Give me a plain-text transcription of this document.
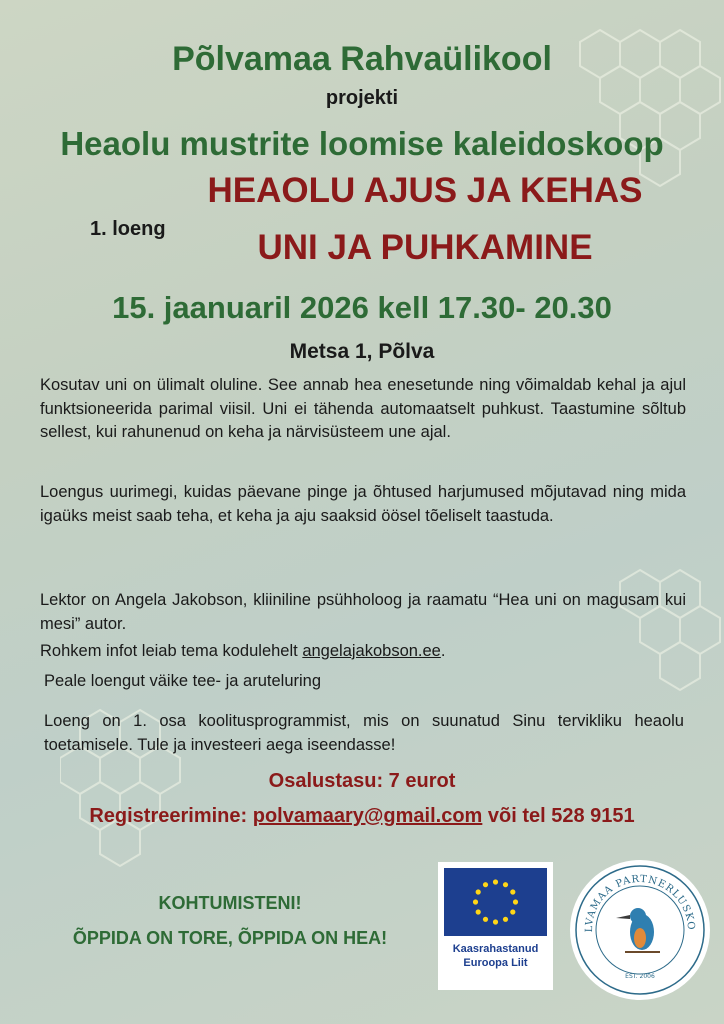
Põlvamaa Rahvaülikool
projekti
Heaolu mustrite loomise kaleidoskoop
HEAOLU AJUS JA KEHAS
1. loeng	UNI JA PUHKAMINE
15. jaanuaril 2026 kell 17.30- 20.30
Metsa 1, Põlva
Kosutav uni on ülimalt oluline. See annab hea enesetunde ning võimaldab kehal ja ajul funktsioneerida parimal viisil. Uni ei tähenda automaatselt puhkust. Taastumine sõltub sellest, kui rahunenud on keha ja närvisüsteem une ajal.
Loengus uurimegi, kuidas päevane pinge ja õhtused harjumused mõjutavad ning mida igaüks meist saab teha, et keha ja aju saaksid öösel tõeliselt taastuda.
Lektor on Angela Jakobson, kliiniline psühholoog ja raamatu “Hea uni on magusam kui mesi” autor.
Rohkem infot leiab tema kodulehelt angelajakobson.ee.
Peale loengut väike tee- ja aruteluring
Loeng on 1. osa koolitusprogrammist, mis on suunatud Sinu tervikliku heaolu toetamisele. Tule ja investeeri aega iseendasse!
Osalustasu: 7 eurot
Registreerimine: polvamaary@gmail.com või tel 528 9151
KOHTUMISTENI!
ÕPPIDA ON TORE, ÕPPIDA ON HEA!
Kaasrahastanud
Euroopa Liit
LVAMAA PARTNERLUSKO
EST. 2006
